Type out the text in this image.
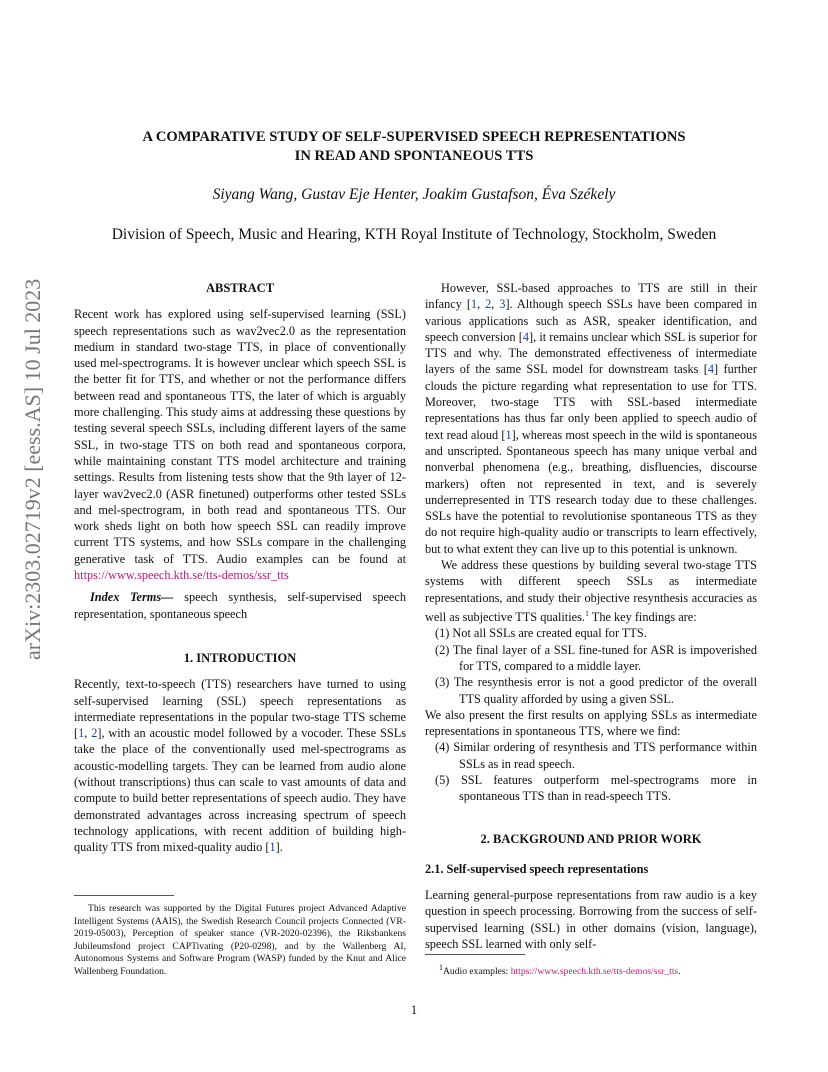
arXiv:2303.02719v2 [eess.AS] 10 Jul 2023
A COMPARATIVE STUDY OF SELF-SUPERVISED SPEECH REPRESENTATIONS
IN READ AND SPONTANEOUS TTS
Siyang Wang, Gustav Eje Henter, Joakim Gustafson, Éva Székely
Division of Speech, Music and Hearing, KTH Royal Institute of Technology, Stockholm, Sweden
ABSTRACT

Recent work has explored using self-supervised learning (SSL) speech representations such as wav2vec2.0 as the representation medium in standard two-stage TTS, in place of conventionally used mel-spectrograms. It is however unclear which speech SSL is the better fit for TTS, and whether or not the performance differs between read and spontaneous TTS, the later of which is arguably more challenging. This study aims at addressing these questions by testing several speech SSLs, including different layers of the same SSL, in two-stage TTS on both read and spontaneous corpora, while maintaining constant TTS model architecture and training settings. Results from listening tests show that the 9th layer of 12-layer wav2vec2.0 (ASR finetuned) outperforms other tested SSLs and mel-spectrogram, in both read and spontaneous TTS. Our work sheds light on both how speech SSL can readily improve current TTS systems, and how SSLs compare in the challenging generative task of TTS. Audio examples can be found at https://www.speech.kth.se/tts-demos/ssr_tts

Index Terms— speech synthesis, self-supervised speech representation, spontaneous speech

1. INTRODUCTION

Recently, text-to-speech (TTS) researchers have turned to using self-supervised learning (SSL) speech representations as intermediate representations in the popular two-stage TTS scheme [1, 2], with an acoustic model followed by a vocoder. These SSLs take the place of the conventionally used mel-spectrograms as acoustic-modelling targets. They can be learned from audio alone (without transcriptions) thus can scale to vast amounts of data and compute to build better representations of speech audio. They have demonstrated advantages across increasing spectrum of speech technology applications, with recent addition of building high-quality TTS from mixed-quality audio [1].

This research was supported by the Digital Futures project Advanced Adaptive Intelligent Systems (AAIS), the Swedish Research Council projects Connected (VR-2019-05003), Perception of speaker stance (VR-2020-02396), the Riksbankens Jubileumsfond project CAPTivating (P20-0298), and by the Wallenberg AI, Autonomous Systems and Software Program (WASP) funded by the Knut and Alice Wallenberg Foundation.

However, SSL-based approaches to TTS are still in their infancy [1, 2, 3]. Although speech SSLs have been compared in various applications such as ASR, speaker identification, and speech conversion [4], it remains unclear which SSL is superior for TTS and why. The demonstrated effectiveness of intermediate layers of the same SSL model for downstream tasks [4] further clouds the picture regarding what representation to use for TTS. Moreover, two-stage TTS with SSL-based intermediate representations has thus far only been applied to speech audio of text read aloud [1], whereas most speech in the wild is spontaneous and unscripted. Spontaneous speech has many unique verbal and nonverbal phenomena (e.g., breathing, disfluencies, discourse markers) often not represented in text, and is severely underrepresented in TTS research today due to these challenges. SSLs have the potential to revolutionise spontaneous TTS as they do not require high-quality audio or transcripts to learn effectively, but to what extent they can live up to this potential is unknown.

We address these questions by building several two-stage TTS systems with different speech SSLs as intermediate representations, and study their objective resynthesis accuracies as well as subjective TTS qualities.$^1$ The key findings are:

(1) Not all SSLs are created equal for TTS.
(2) The final layer of a SSL fine-tuned for ASR is impoverished for TTS, compared to a middle layer.
(3) The resynthesis error is not a good predictor of the overall TTS quality afforded by using a given SSL.

We also present the first results on applying SSLs as intermediate representations in spontaneous TTS, where we find:

(4) Similar ordering of resynthesis and TTS performance within SSLs as in read speech.
(5) SSL features outperform mel-spectrograms more in spontaneous TTS than in read-speech TTS.
2. BACKGROUND AND PRIOR WORK
2.1. Self-supervised speech representations

Learning general-purpose representations from raw audio is a key question in speech processing. Borrowing from the success of self-supervised learning (SSL) in other domains (vision, language), speech SSL learned with only self-

$^1$Audio examples: https://www.speech.kth.se/tts-demos/ssr_tts.
1
